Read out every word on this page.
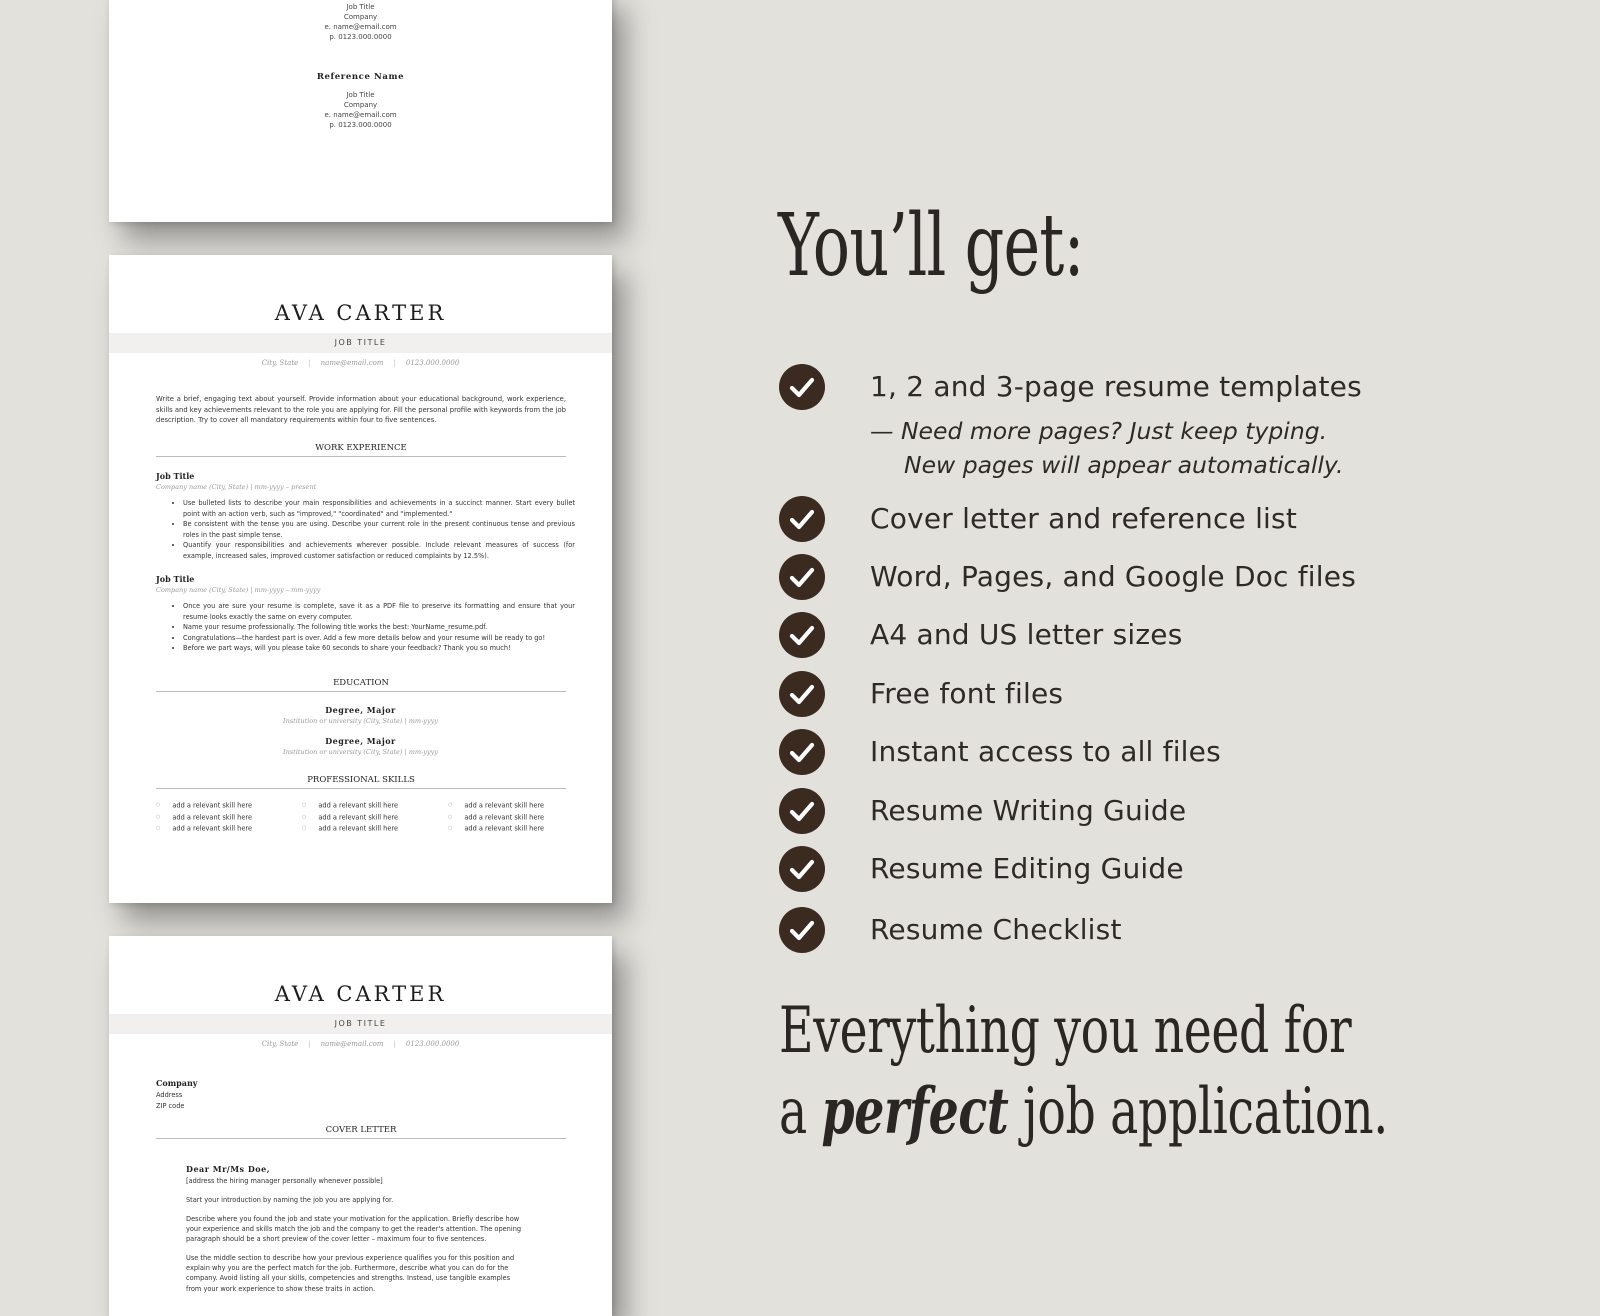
Job Title
Company
e. name@email.com
p. 0123.000.0000
Reference Name
Job Title
Company
e. name@email.com
p. 0123.000.0000
AVA CARTER
JOB TITLE
City, State | name@email.com | 0123.000.0000
Write a brief, engaging text about yourself. Provide information about your educational background, work experience, skills and key achievements relevant to the role you are applying for. Fill the personal profile with keywords from the job description. Try to cover all mandatory requirements within four to five sentences.
WORK EXPERIENCE
Job Title
Company name (City, State) | mm-yyyy – present
• Use bulleted lists to describe your main responsibilities and achievements in a succinct manner. Start every bullet point with an action verb, such as "improved," "coordinated" and "implemented."
• Be consistent with the tense you are using. Describe your current role in the present continuous tense and previous roles in the past simple tense.
• Quantify your responsibilities and achievements wherever possible. Include relevant measures of success (for example, increased sales, improved customer satisfaction or reduced complaints by 12.5%).
Job Title
Company name (City, State) | mm-yyyy – mm-yyyy
• Once you are sure your resume is complete, save it as a PDF file to preserve its formatting and ensure that your resume looks exactly the same on every computer.
• Name your resume professionally. The following title works the best: YourName_resume.pdf.
• Congratulations—the hardest part is over. Add a few more details below and your resume will be ready to go!
• Before we part ways, will you please take 60 seconds to share your feedback? Thank you so much!
EDUCATION
Degree, Major
Institution or university (City, State) | mm-yyyy
Degree, Major
Institution or university (City, State) | mm-yyyy
PROFESSIONAL SKILLS
○ add a relevant skill here
○ add a relevant skill here
○ add a relevant skill here
○ add a relevant skill here
○ add a relevant skill here
○ add a relevant skill here
○ add a relevant skill here
○ add a relevant skill here
○ add a relevant skill here
AVA CARTER
JOB TITLE
City, State | name@email.com | 0123.000.0000
Company
Address
ZIP code
COVER LETTER
Dear Mr/Ms Doe,
[address the hiring manager personally whenever possible]
Start your introduction by naming the job you are applying for.
Describe where you found the job and state your motivation for the application. Briefly describe how your experience and skills match the job and the company to get the reader's attention. The opening paragraph should be a short preview of the cover letter – maximum four to five sentences.
Use the middle section to describe how your previous experience qualifies you for this position and explain why you are the perfect match for the job. Furthermore, describe what you can do for the company. Avoid listing all your skills, competencies and strengths. Instead, use tangible examples from your work experience to show these traits in action.
You’ll get:
1, 2 and 3-page resume templates
Cover letter and reference list
Word, Pages, and Google Doc files
A4 and US letter sizes
Free font files
Instant access to all files
Resume Writing Guide
Resume Editing Guide
Resume Checklist
— Need more pages? Just keep typing.
New pages will appear automatically.
Everything you need for
a perfect job application.
